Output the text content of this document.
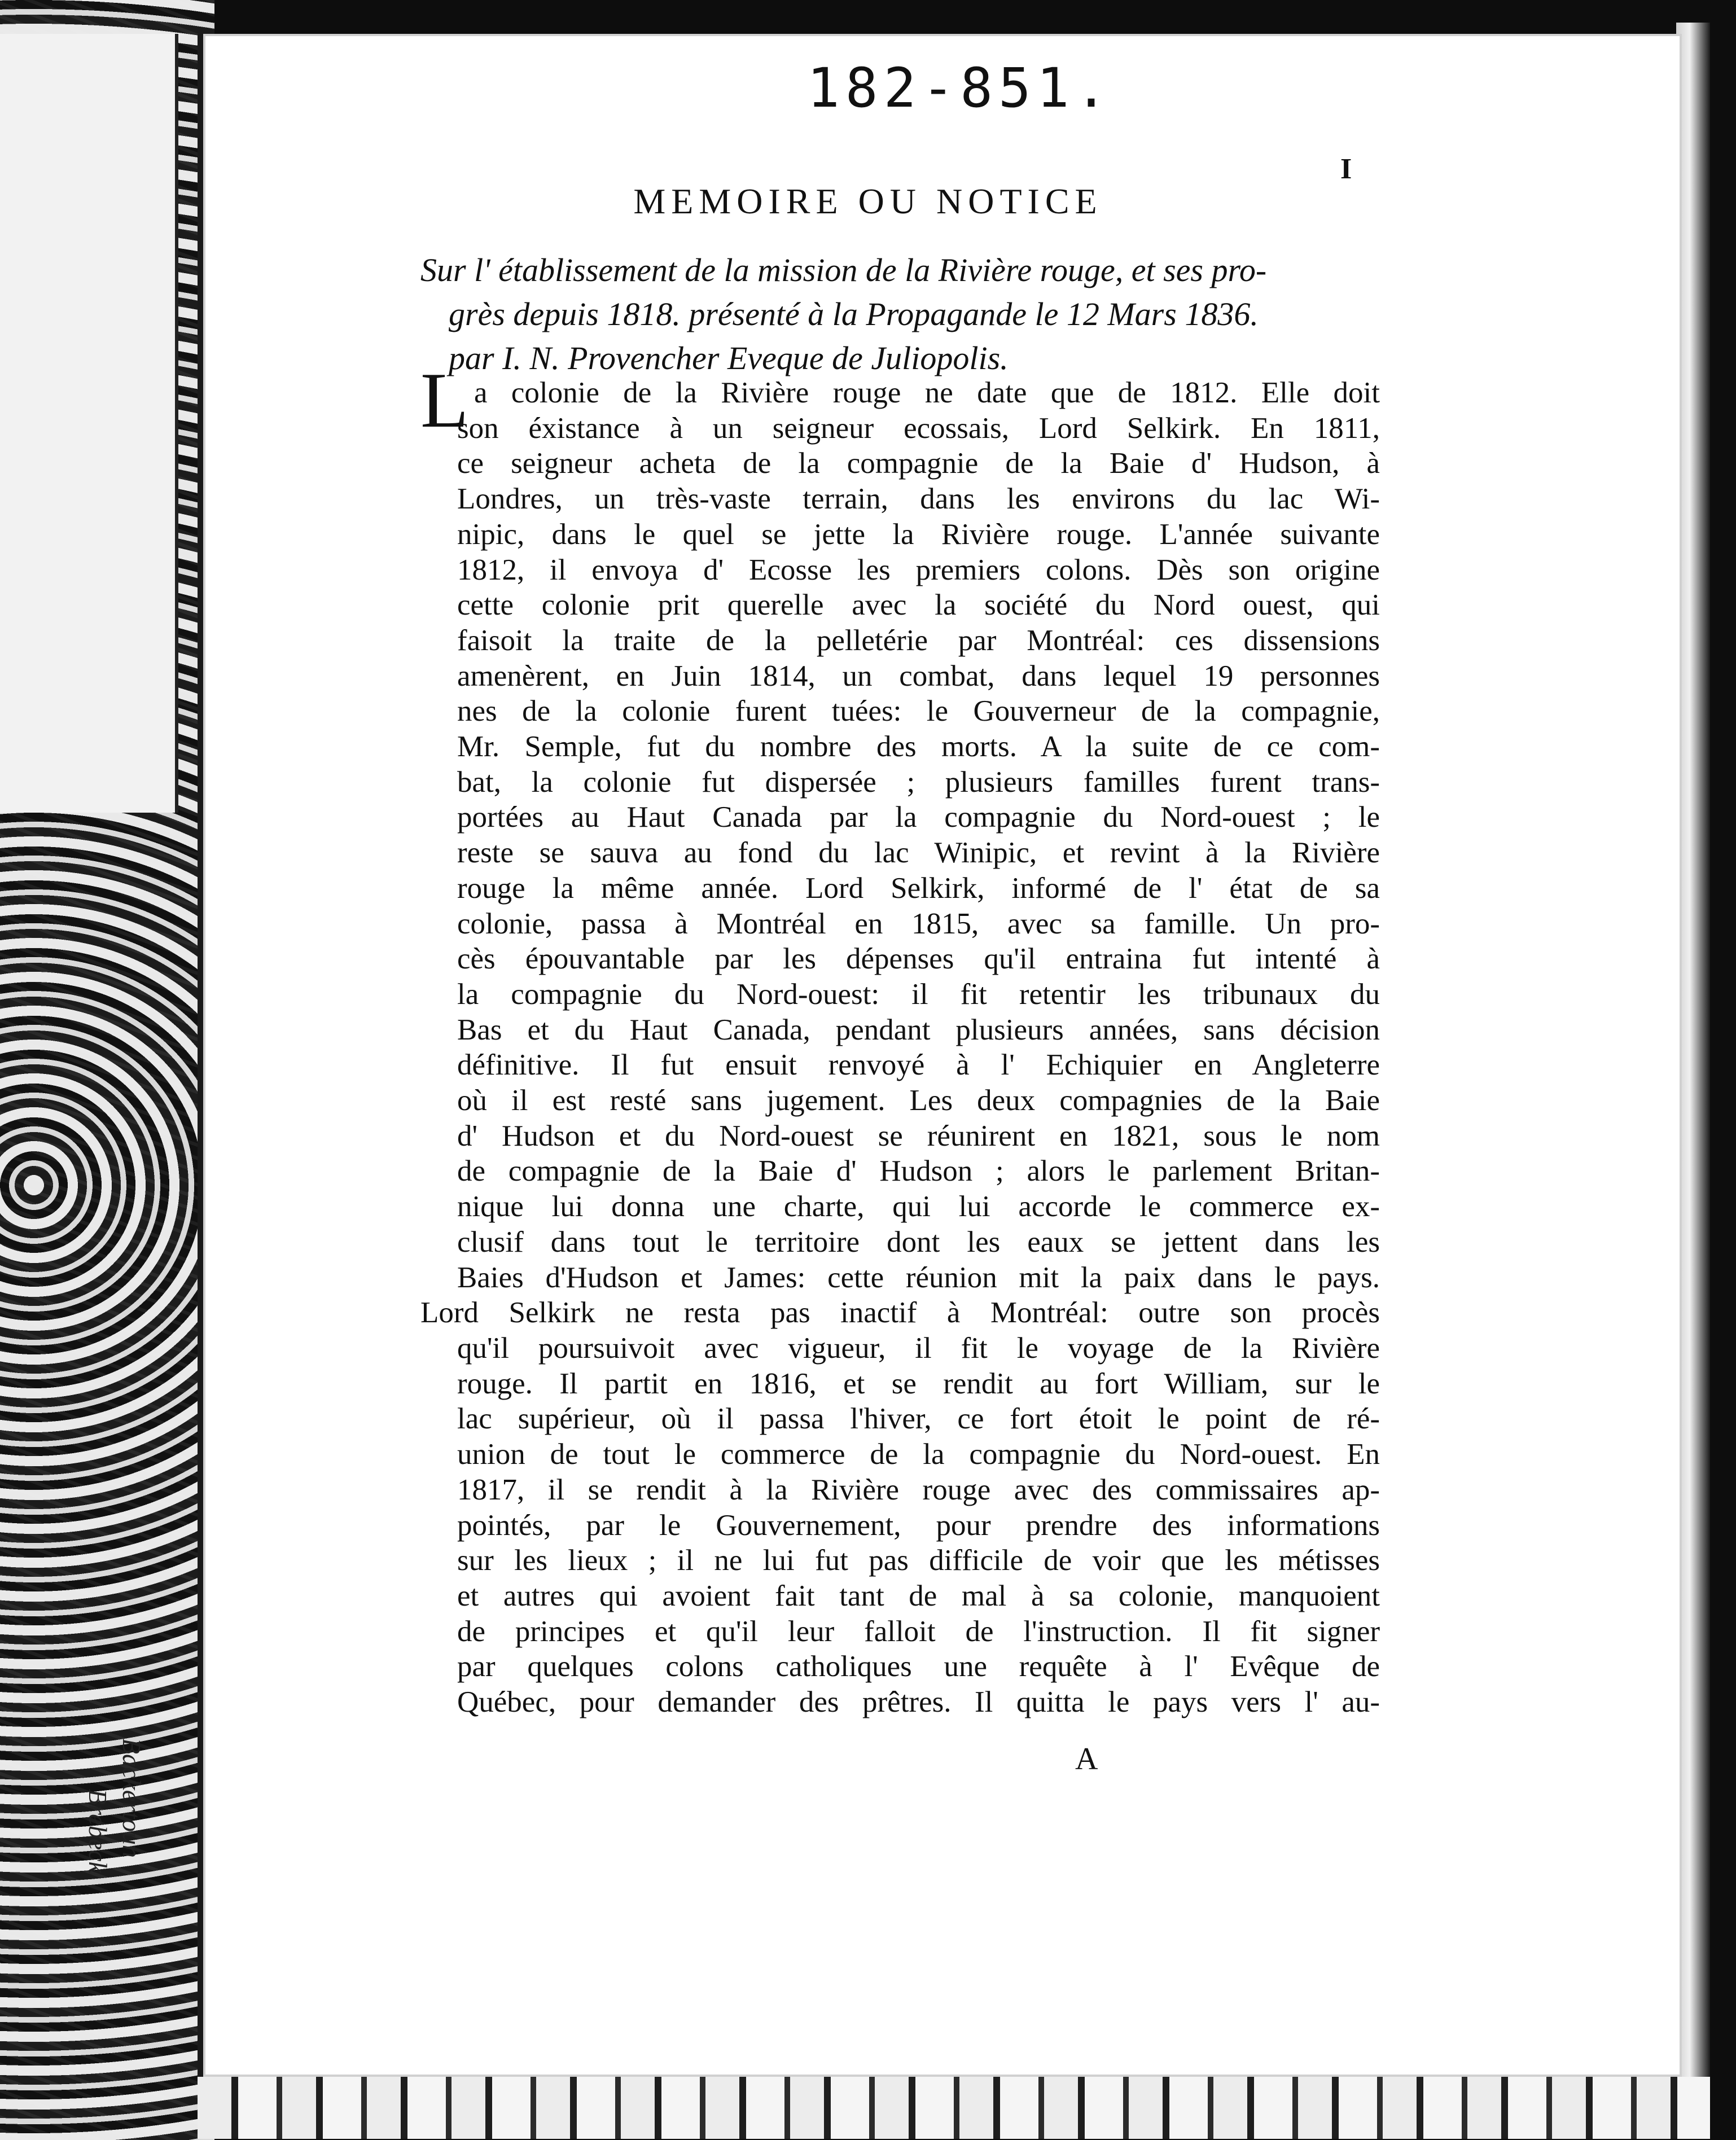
Backertoun
Brebeck
182-851.
I
MEMOIRE OU NOTICE
Sur l' établissement de la mission de la Rivière rouge, et ses pro-
grès depuis 1818. présenté à la Propagande le 12 Mars 1836.
par I. N. Provencher Eveque de Juliopolis.
L a colonie de la Rivière rouge ne date que de 1812. Elle doit
son éxistance à un seigneur ecossais, Lord Selkirk. En 1811,
ce seigneur acheta de la compagnie de la Baie d' Hudson, à
Londres, un très-vaste terrain, dans les environs du lac Wi-
nipic, dans le quel se jette la Rivière rouge. L'année suivante
1812, il envoya d' Ecosse les premiers colons. Dès son origine
cette colonie prit querelle avec la société du Nord ouest, qui
faisoit la traite de la pelletérie par Montréal: ces dissensions
amenèrent, en Juin 1814, un combat, dans lequel 19 personnes
nes de la colonie furent tuées: le Gouverneur de la compagnie,
Mr. Semple, fut du nombre des morts. A la suite de ce com-
bat, la colonie fut dispersée ; plusieurs familles furent trans-
portées au Haut Canada par la compagnie du Nord-ouest ; le
reste se sauva au fond du lac Winipic, et revint à la Rivière
rouge la même année. Lord Selkirk, informé de l' état de sa
colonie, passa à Montréal en 1815, avec sa famille. Un pro-
cès épouvantable par les dépenses qu'il entraina fut intenté à
la compagnie du Nord-ouest: il fit retentir les tribunaux du
Bas et du Haut Canada, pendant plusieurs années, sans décision
définitive. Il fut ensuit renvoyé à l' Echiquier en Angleterre
où il est resté sans jugement. Les deux compagnies de la Baie
d' Hudson et du Nord-ouest se réunirent en 1821, sous le nom
de compagnie de la Baie d' Hudson ; alors le parlement Britan-
nique lui donna une charte, qui lui accorde le commerce ex-
clusif dans tout le territoire dont les eaux se jettent dans les
Baies d'Hudson et James: cette réunion mit la paix dans le pays.
Lord Selkirk ne resta pas inactif à Montréal: outre son procès
qu'il poursuivoit avec vigueur, il fit le voyage de la Rivière
rouge. Il partit en 1816, et se rendit au fort William, sur le
lac supérieur, où il passa l'hiver, ce fort étoit le point de ré-
union de tout le commerce de la compagnie du Nord-ouest. En
1817, il se rendit à la Rivière rouge avec des commissaires ap-
pointés, par le Gouvernement, pour prendre des informations
sur les lieux ; il ne lui fut pas difficile de voir que les métisses
et autres qui avoient fait tant de mal à sa colonie, manquoient
de principes et qu'il leur falloit de l'instruction. Il fit signer
par quelques colons catholiques une requête à l' Evêque de
Québec, pour demander des prêtres. Il quitta le pays vers l' au-
A
